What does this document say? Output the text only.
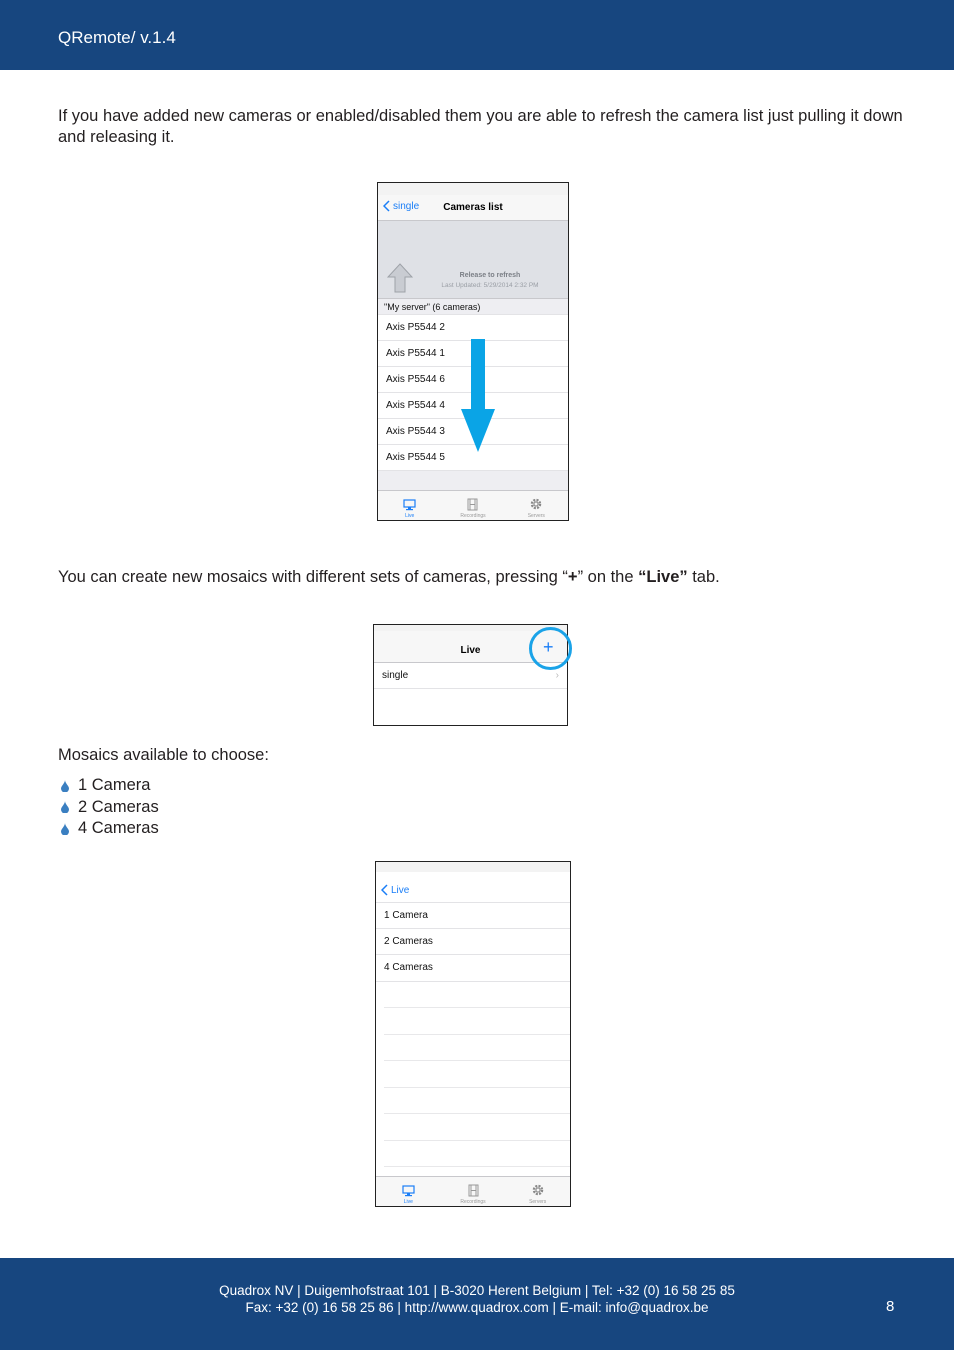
QRemote/ v.1.4
If you have added new cameras or enabled/disabled them you are able to refresh the camera list just pulling it down and releasing it.
single	Cameras list
Release to refresh
Last Updated: 5/29/2014 2:32 PM
"My server" (6 cameras)
Axis P5544 2
Axis P5544 1
Axis P5544 6
Axis P5544 4
Axis P5544 3
Axis P5544 5
Live	Recordings	Servers
You can create new mosaics with different sets of cameras, pressing “+” on the “Live” tab.
Live
single	›
+
Mosaics available to choose:
1 Camera
2 Cameras
4 Cameras
Live
1 Camera
2 Cameras
4 Cameras
Live	Recordings	Servers
Quadrox NV | Duigemhofstraat 101 | B-3020 Herent Belgium | Tel: +32 (0) 16 58 25 85
Fax: +32 (0) 16 58 25 86 | http://www.quadrox.com | E-mail: info@quadrox.be	8
